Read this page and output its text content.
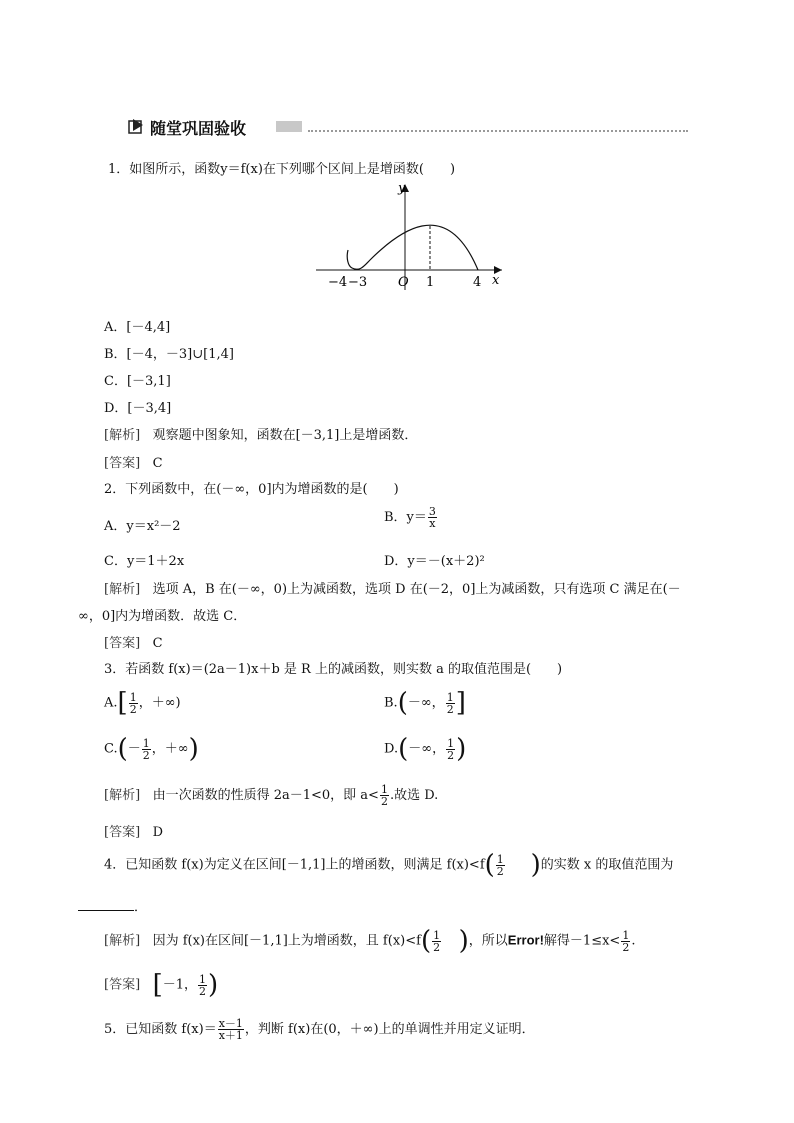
随堂巩固验收
1．如图所示，函数y＝f(x)在下列哪个区间上是增函数(　　)
y
x
O
−4 −3	1	4
A．[－4,4]
B．[－4，－3]∪[1,4]
C．[－3,1]
D．[－3,4]
[解析] 观察题中图象知，函数在[－3,1]上是增函数．
[答案] C
2．下列函数中，在(－∞，0]内为增函数的是(　　)
A．y＝x²－2
B．$y= \frac{3}{x}$
C．y＝1＋2x	D．y＝－(x＋2)²
[解析] 选项 A，B 在(－∞，0)上为减函数，选项 D 在(－2，0]上为减函数，只有选项 C 满足在(－
∞，0]内为增函数．故选 C．
[答案] C
3．若函数 f(x)＝(2a－1)x＋b 是 R 上的减函数，则实数 a 的取值范围是(　　)
$A.[ \frac{1}{2}$ ，＋∞)	B.(－∞， $\frac{1}{2}$ ]
$C.(- \frac{1}{2}$ ，＋∞)	D.(－∞， $\frac{1}{2}$ )
[解析] 由一次函数的性质得 2a－1<0，即 $a< \frac{1}{2}$ .故选 D.
[答案] D
4．已知函数 f(x)为定义在区间[－1,1]上的增函数，则满足 $f(x)<f( \frac{1}{2}$ )的实数 x 的取值范围为
．
[解析] 因为 f(x)在区间[－1,1]上为增函数，且 $f(x)<f( \frac{1}{2}$ )，所以Error!解得$-1\le x< \frac{1}{2}$ .
[答案] [－1， $\frac{1}{2}$ )
5．已知函数 $f(x)= \frac{x-1}{x+1}$ ，判断 f(x)在(0，＋∞)上的单调性并用定义证明．
